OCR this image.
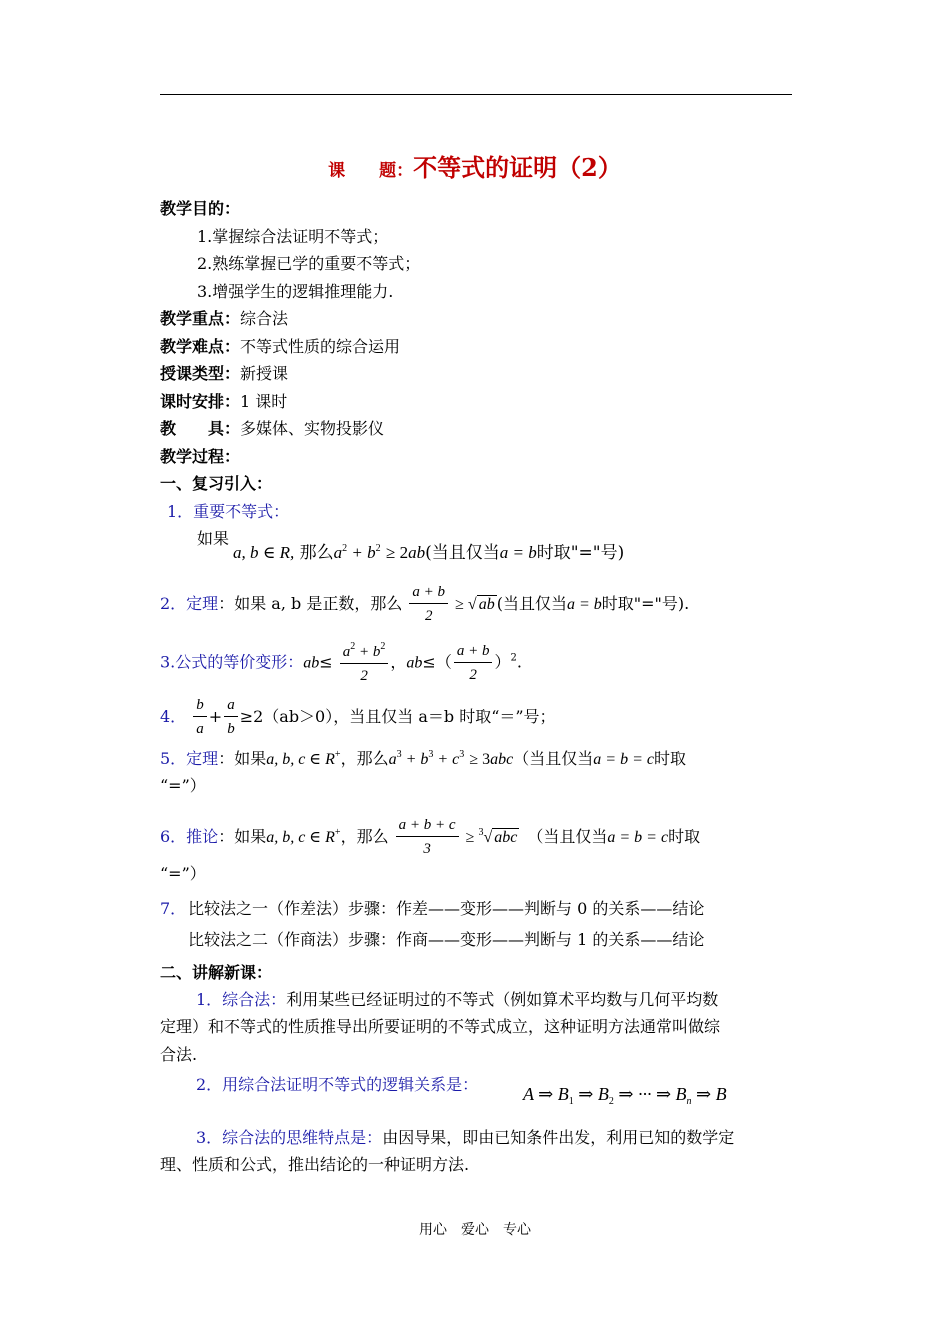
课　　题：不等式的证明（2）
教学目的：
1.掌握综合法证明不等式；
2.熟练掌握已学的重要不等式；
3.增强学生的逻辑推理能力.
教学重点：综合法
教学难点：不等式性质的综合运用
授课类型：新授课
课时安排：1 课时
教　　具：多媒体、实物投影仪
教学过程：
一、复习引入：
1．重要不等式：
如果
a, b ∈ R, 那么$a^2 + b^2 \ge 2ab$(当且仅当a = b时取"="号)
2．定理：如果 a, b 是正数，那么 $\frac{a + b}{2}$ ≥ √ ab (当且仅当a = b时取"="号).
3.公式的等价变形：$ab\le \frac{a^2 + b^2}{2}$ ，$ab\le( \frac{a + b}{2} )^2$.
4． $\frac{b}{a} + \frac{a}{b} \ge 2(ab>0)$，当且仅当 a＝b 时取“＝”号；
5．定理：如果a, b, c ∈ R+，那么$a^3 + b^3 + c^3 \ge 3abc$（当且仅当a = b = c时取
“=”）
6．推论：如果a, b, c ∈ R+，那么 $\frac{a + b + c}{3} \ge ^3√$ abc　 （当且仅当a = b = c时取
“=”）
7． 比较法之一（作差法）步骤：作差——变形——判断与 0 的关系——结论
比较法之二（作商法）步骤：作商——变形——判断与 1 的关系——结论
二、讲解新课：
1．综合法：利用某些已经证明过的不等式（例如算术平均数与几何平均数
定理）和不等式的性质推导出所要证明的不等式成立，这种证明方法通常叫做综
合法.
2．用综合法证明不等式的逻辑关系是： A ⇒ $B_1$ ⇒ $B_2$ ⇒ ··· ⇒ $B_n$ ⇒ B
3．综合法的思维特点是：由因导果，即由已知条件出发，利用已知的数学定
理、性质和公式，推出结论的一种证明方法.
用心　爱心　专心
